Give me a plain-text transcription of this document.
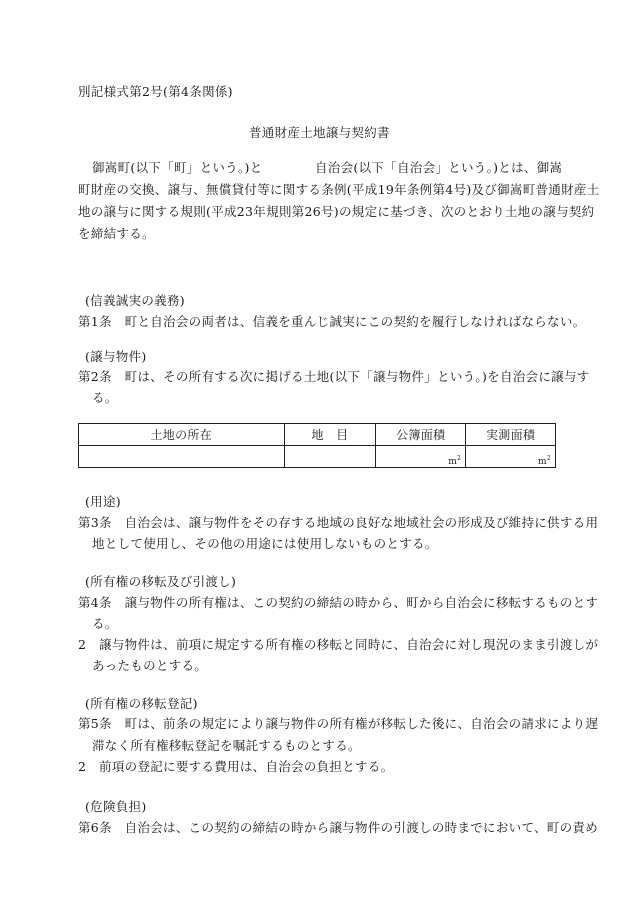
別記様式第2号(第4条関係)
普通財産土地譲与契約書
御嵩町(以下「町」という。)と	自治会(以下「自治会」という。)とは、御嵩
町財産の交換、譲与、無償貸付等に関する条例(平成19年条例第4号)及び御嵩町普通財産土
地の譲与に関する規則(平成23年規則第26号)の規定に基づき、次のとおり土地の譲与契約
を締結する。
(信義誠実の義務)
第1条　町と自治会の両者は、信義を重んじ誠実にこの契約を履行しなければならない。
(譲与物件)
第2条　町は、その所有する次に掲げる土地(以下「譲与物件」という。)を自治会に譲与す
る。
土地の所在	地　目	公簿面積	実測面積
		$m^2$	$m^2$
(用途)
第3条　自治会は、譲与物件をその存する地域の良好な地域社会の形成及び維持に供する用
地として使用し、その他の用途には使用しないものとする。
(所有権の移転及び引渡し)
第4条　譲与物件の所有権は、この契約の締結の時から、町から自治会に移転するものとす
る。
2　譲与物件は、前項に規定する所有権の移転と同時に、自治会に対し現況のまま引渡しが
あったものとする。
(所有権の移転登記)
第5条　町は、前条の規定により譲与物件の所有権が移転した後に、自治会の請求により遅
滞なく所有権移転登記を嘱託するものとする。
2　前項の登記に要する費用は、自治会の負担とする。
(危険負担)
第6条　自治会は、この契約の締結の時から譲与物件の引渡しの時までにおいて、町の責め
